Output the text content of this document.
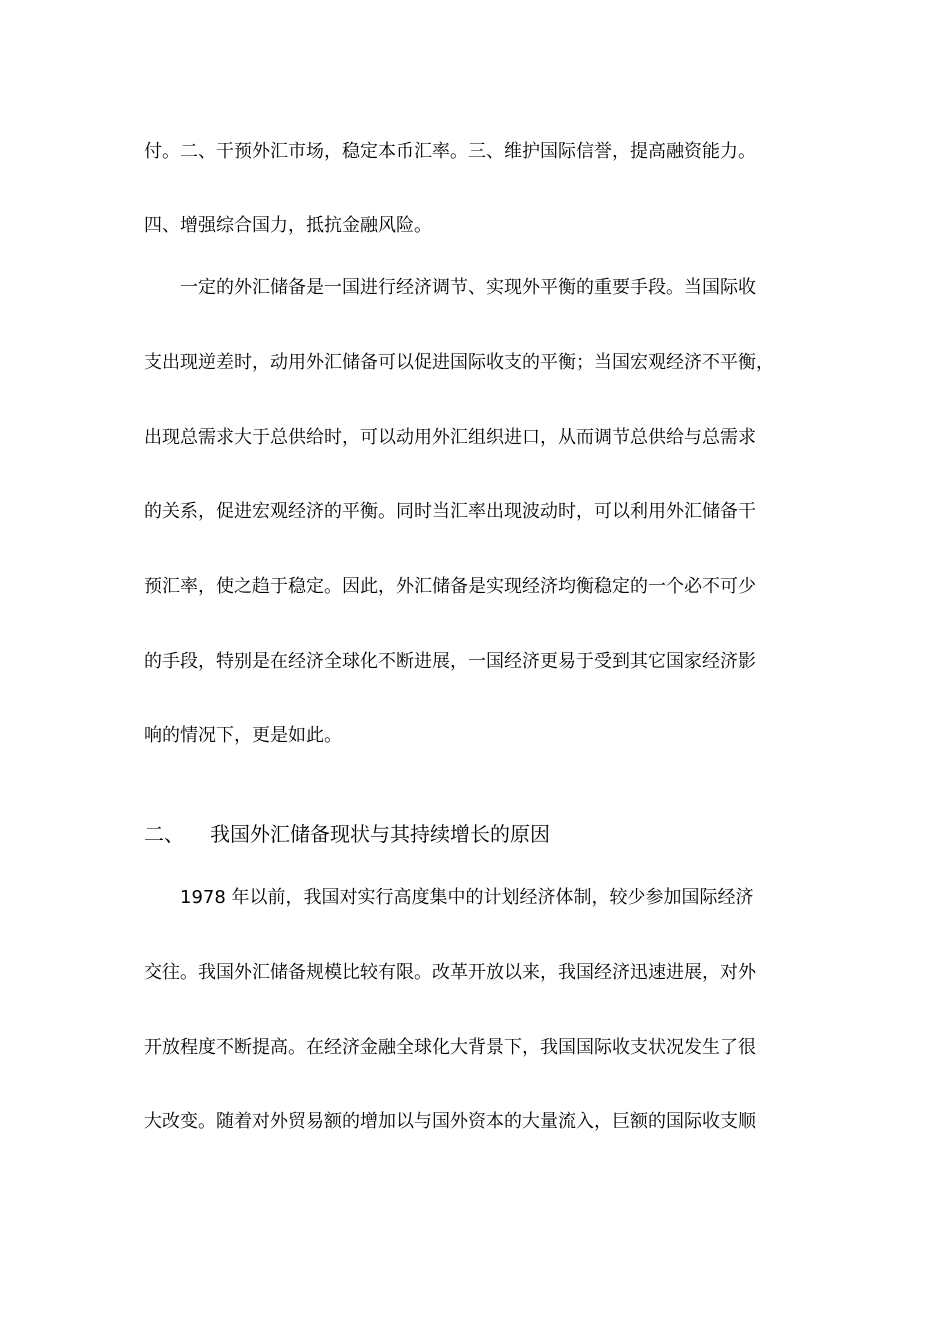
付。二、干预外汇市场，稳定本币汇率。三、维护国际信誉，提高融资能力。
四、增强综合国力，抵抗金融风险。
　　一定的外汇储备是一国进行经济调节、实现外平衡的重要手段。当国际收
支出现逆差时，动用外汇储备可以促进国际收支的平衡；当国宏观经济不平衡，
出现总需求大于总供给时，可以动用外汇组织进口，从而调节总供给与总需求
的关系，促进宏观经济的平衡。同时当汇率出现波动时，可以利用外汇储备干
预汇率，使之趋于稳定。因此，外汇储备是实现经济均衡稳定的一个必不可少
的手段，特别是在经济全球化不断进展，一国经济更易于受到其它国家经济影
响的情况下，更是如此。
二、 我国外汇储备现状与其持续增长的原因
　　1978 年以前，我国对实行高度集中的计划经济体制，较少参加国际经济
交往。我国外汇储备规模比较有限。改革开放以来，我国经济迅速进展，对外
开放程度不断提高。在经济金融全球化大背景下，我国国际收支状况发生了很
大改变。随着对外贸易额的增加以与国外资本的大量流入，巨额的国际收支顺
